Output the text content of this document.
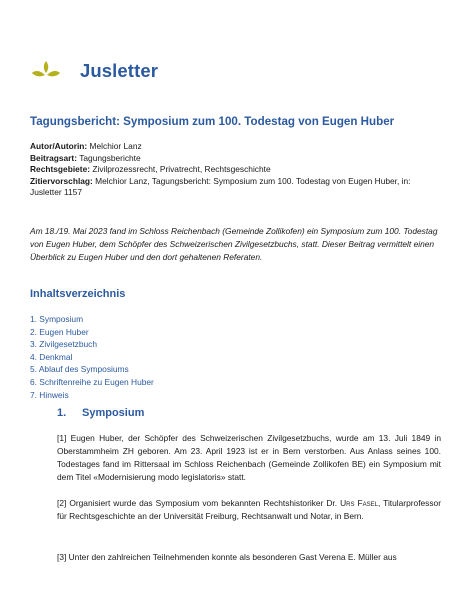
Jusletter
Tagungsbericht: Symposium zum 100. Todestag von Eugen Huber

Autor/Autorin: Melchior Lanz

Beitragsart: Tagungsberichte

Rechtsgebiete: Zivilprozessrecht, Privatrecht, Rechtsgeschichte

Zitiervorschlag: Melchior Lanz, Tagungsbericht: Symposium zum 100. Todestag von Eugen Huber, in: Jusletter 1157

Am 18./19. Mai 2023 fand im Schloss Reichenbach (Gemeinde Zollikofen) ein Symposium zum 100. Todestag von Eugen Huber, dem Schöpfer des Schweizerischen Zivilgesetzbuchs, statt. Dieser Beitrag vermittelt einen Überblick zu Eugen Huber und den dort gehaltenen Referaten.
Inhaltsverzeichnis
1. Symposium
2. Eugen Huber
3. Zivilgesetzbuch
4. Denkmal
5. Ablauf des Symposiums
6. Schriftenreihe zu Eugen Huber
7. Hinweis
1. Symposium

[1] Eugen Huber, der Schöpfer des Schweizerischen Zivilgesetzbuchs, wurde am 13. Juli 1849 in Oberstammheim ZH geboren. Am 23. April 1923 ist er in Bern verstorben. Aus Anlass seines 100. Todestages fand im Rittersaal im Schloss Reichenbach (Gemeinde Zollikofen BE) ein Symposium mit dem Titel «Modernisierung modo legislatoris» statt.

[2] Organisiert wurde das Symposium vom bekannten Rechtshistoriker Dr. Urs Fasel, Titularprofessor für Rechtsgeschichte an der Universität Freiburg, Rechtsanwalt und Notar, in Bern.

[3] Unter den zahlreichen Teilnehmenden konnte als besonderen Gast Verena E. Müller aus
